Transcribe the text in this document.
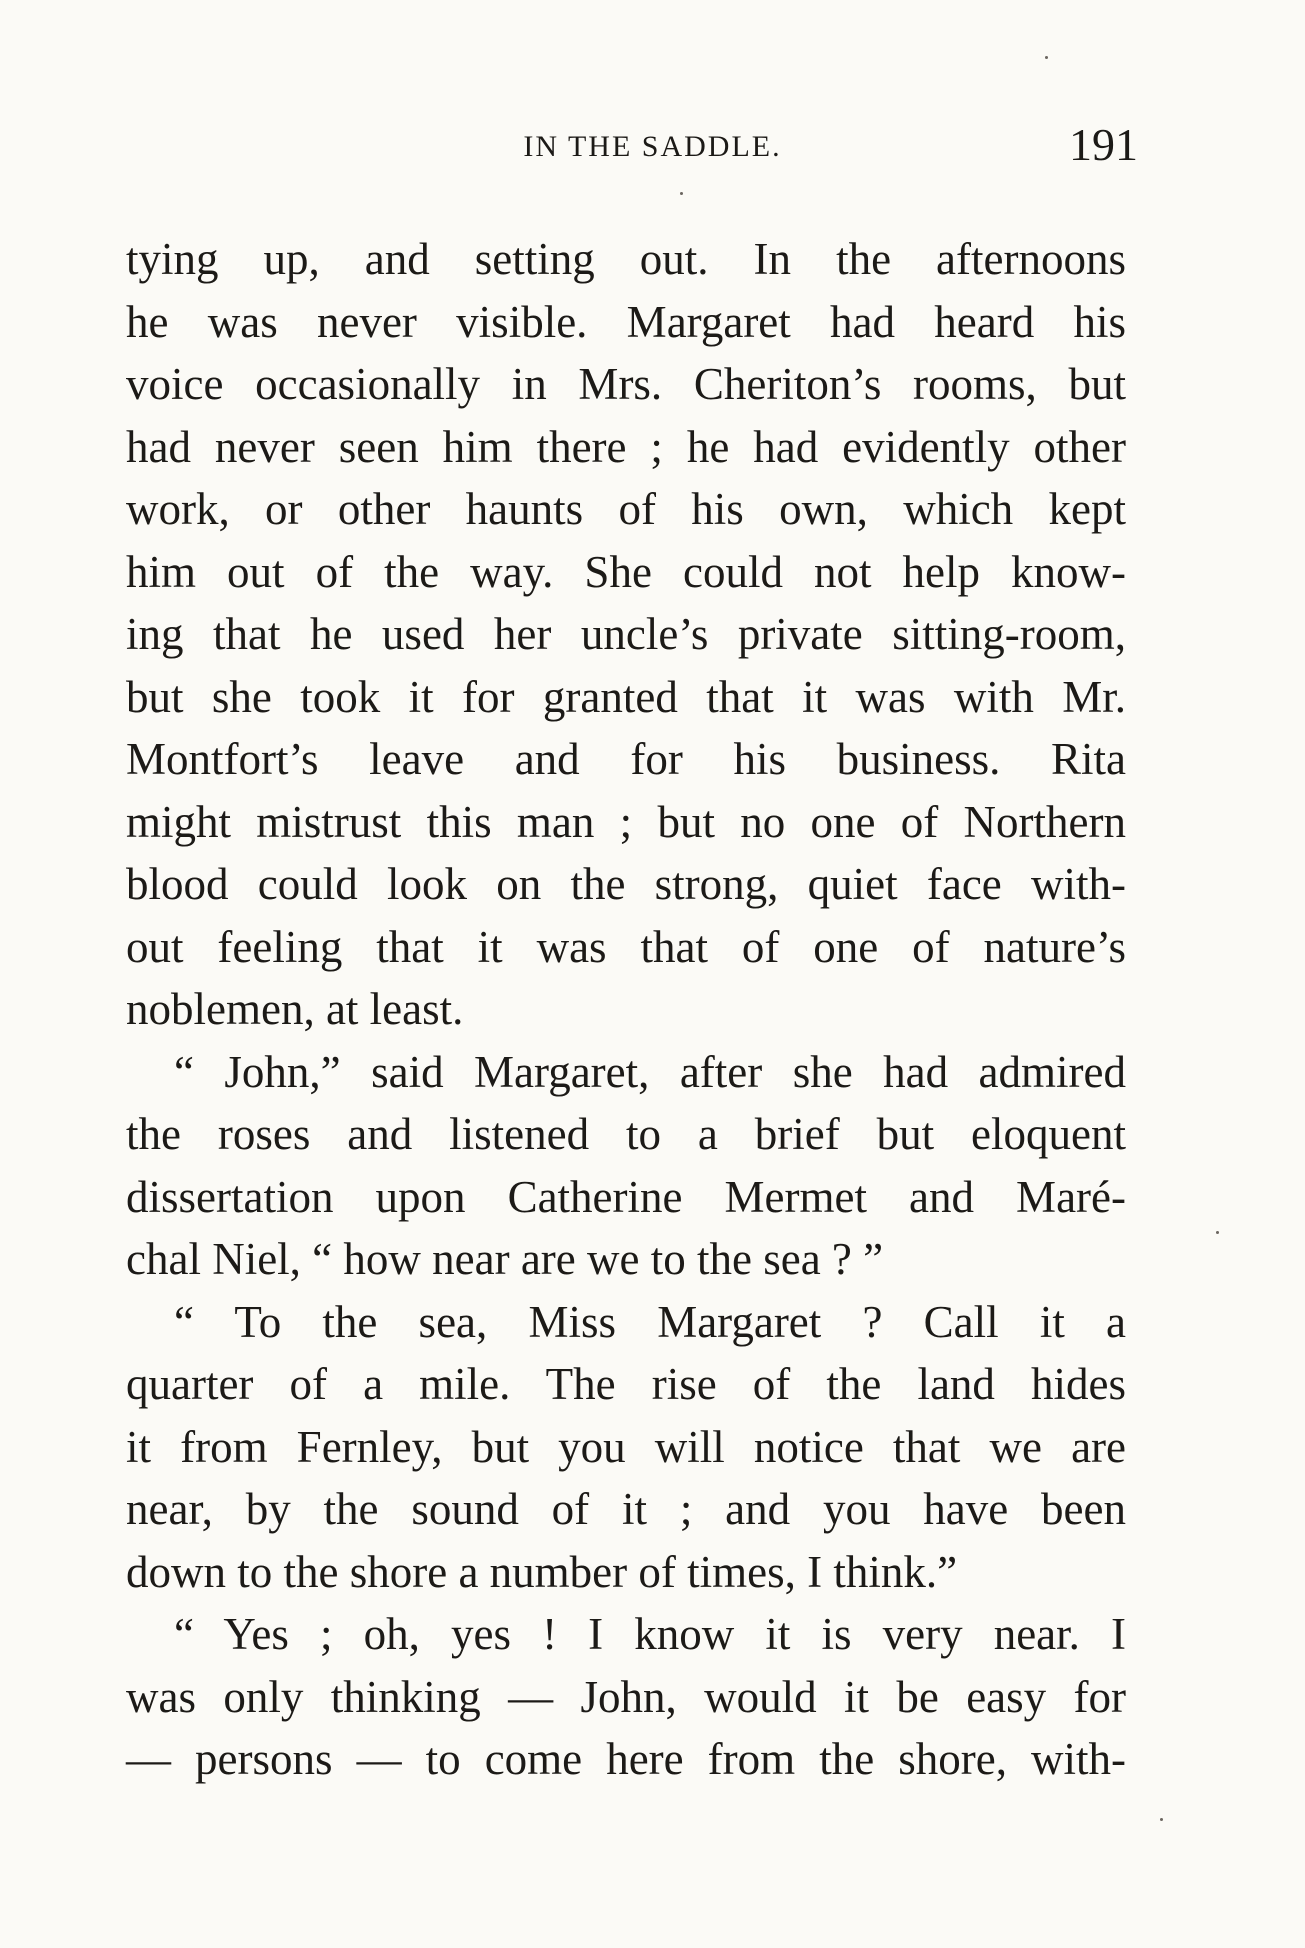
IN THE SADDLE.	191
tying up, and setting out. In the afternoons
he was never visible. Margaret had heard his
voice occasionally in Mrs. Cheriton’s rooms, but
had never seen him there ; he had evidently other
work, or other haunts of his own, which kept
him out of the way. She could not help know-
ing that he used her uncle’s private sitting-room,
but she took it for granted that it was with Mr.
Montfort’s leave and for his business. Rita
might mistrust this man ; but no one of Northern
blood could look on the strong, quiet face with-
out feeling that it was that of one of nature’s
noblemen, at least.
“ John,” said Margaret, after she had admired
the roses and listened to a brief but eloquent
dissertation upon Catherine Mermet and Maré-
chal Niel, “ how near are we to the sea ? ”
“ To the sea, Miss Margaret ? Call it a
quarter of a mile. The rise of the land hides
it from Fernley, but you will notice that we are
near, by the sound of it ; and you have been
down to the shore a number of times, I think.”
“ Yes ; oh, yes ! I know it is very near. I
was only thinking — John, would it be easy for
— persons — to come here from the shore, with-
